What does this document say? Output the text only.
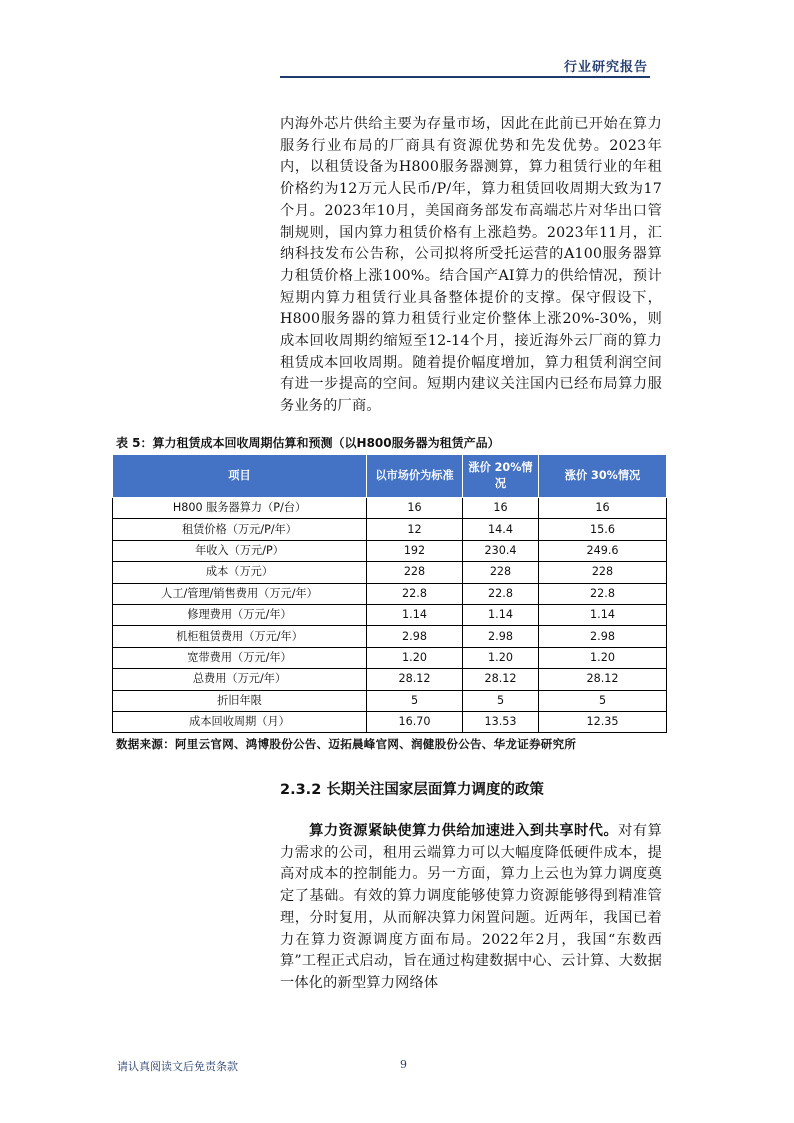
行业研究报告

内海外芯片供给主要为存量市场，因此在此前已开始在算力服务行业布局的厂商具有资源优势和先发优势。2023年内，以租赁设备为H800服务器测算，算力租赁行业的年租价格约为12万元人民币/P/年，算力租赁回收周期大致为17个月。2023年10月，美国商务部发布高端芯片对华出口管制规则，国内算力租赁价格有上涨趋势。2023年11月，汇纳科技发布公告称，公司拟将所受托运营的A100服务器算力租赁价格上涨100%。结合国产AI算力的供给情况，预计短期内算力租赁行业具备整体提价的支撑。保守假设下，H800服务器的算力租赁行业定价整体上涨20%-30%，则成本回收周期约缩短至12-14个月，接近海外云厂商的算力租赁成本回收周期。随着提价幅度增加，算力租赁利润空间有进一步提高的空间。短期内建议关注国内已经布局算力服务业务的厂商。

表 5：算力租赁成本回收周期估算和预测（以H800服务器为租赁产品）
项目	以市场价为标准	涨价 20%情况	涨价 30%情况
H800 服务器算力（P/台）	16	16	16
租赁价格（万元/P/年）	12	14.4	15.6
年收入（万元/P）	192	230.4	249.6
成本（万元）	228	228	228
人工/管理/销售费用（万元/年）	22.8	22.8	22.8
修理费用（万元/年）	1.14	1.14	1.14
机柜租赁费用（万元/年）	2.98	2.98	2.98
宽带费用（万元/年）	1.20	1.20	1.20
总费用（万元/年）	28.12	28.12	28.12
折旧年限	5	5	5
成本回收周期（月）	16.70	13.53	12.35
数据来源：阿里云官网、鸿博股份公告、迈拓晨峰官网、润健股份公告、华龙证券研究所
2.3.2 长期关注国家层面算力调度的政策

  算力资源紧缺使算力供给加速进入到共享时代。对有算力需求的公司，租用云端算力可以大幅度降低硬件成本，提高对成本的控制能力。另一方面，算力上云也为算力调度奠定了基础。有效的算力调度能够使算力资源能够得到精准管理，分时复用，从而解决算力闲置问题。近两年，我国已着力在算力资源调度方面布局。2022年2月，我国“东数西算”工程正式启动，旨在通过构建数据中心、云计算、大数据一体化的新型算力网络体

请认真阅读文后免责条款	9
